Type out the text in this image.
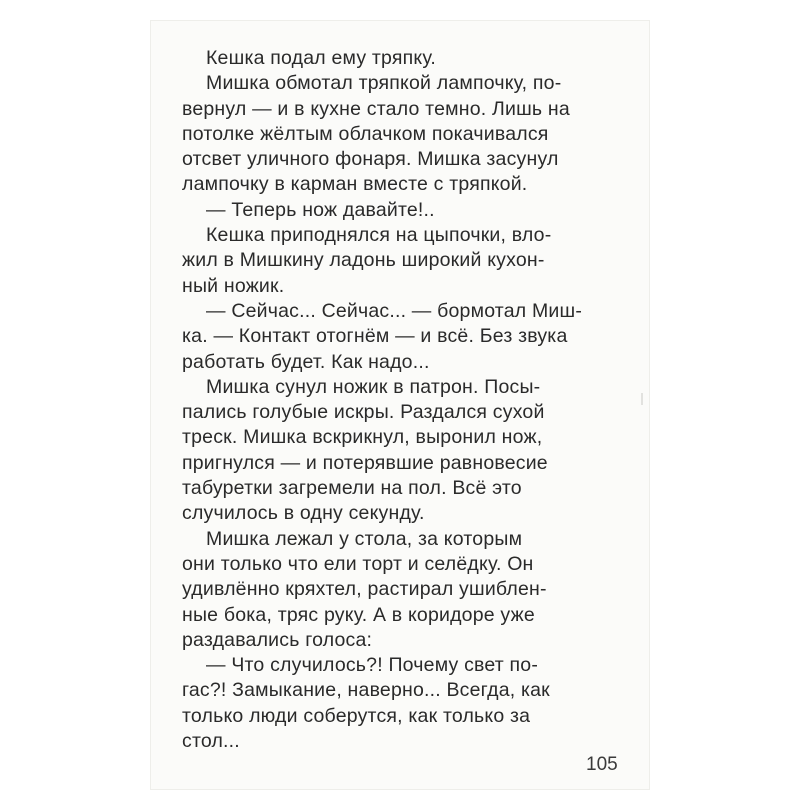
Кешка подал ему тряпку.
Мишка обмотал тряпкой лампочку, по-
вернул — и в кухне стало темно. Лишь на
потолке жёлтым облачком покачивался
отсвет уличного фонаря. Мишка засунул
лампочку в карман вместе с тряпкой.
— Теперь нож давайте!..
Кешка приподнялся на цыпочки, вло-
жил в Мишкину ладонь широкий кухон-
ный ножик.
— Сейчас... Сейчас... — бормотал Миш-
ка. — Контакт отогнём — и всё. Без звука
работать будет. Как надо...
Мишка сунул ножик в патрон. Посы-
пались голубые искры. Раздался сухой
треск. Мишка вскрикнул, выронил нож,
пригнулся — и потерявшие равновесие
табуретки загремели на пол. Всё это
случилось в одну секунду.
Мишка лежал у стола, за которым
они только что ели торт и селёдку. Он
удивлённо кряхтел, растирал ушиблен-
ные бока, тряс руку. А в коридоре уже
раздавались голоса:
— Что случилось?! Почему свет по-
гас?! Замыкание, наверно... Всегда, как
только люди соберутся, как только за
стол...
105
